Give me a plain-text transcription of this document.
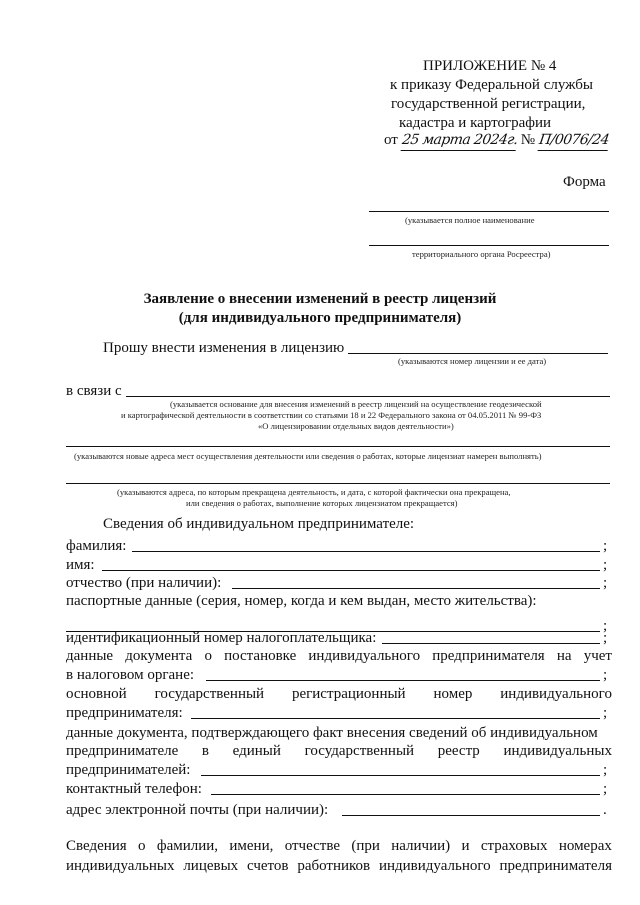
ПРИЛОЖЕНИЕ № 4
к приказу Федеральной службы
государственной регистрации,
кадастра и картографии
от 25 марта 2024г. № П/0076/24
Форма
(указывается полное наименование
территориального органа Росреестра)
Заявление о внесении изменений в реестр лицензий
(для индивидуального предпринимателя)
Прошу внести изменения в лицензию
(указываются номер лицензии и ее дата)
в связи с
(указывается основание для внесения изменений в реестр лицензий на осуществление геодезической
и картографической деятельности в соответствии со статьями 18 и 22 Федерального закона от 04.05.2011 № 99-ФЗ
«О лицензировании отдельных видов деятельности»)
(указываются новые адреса мест осуществления деятельности или сведения о работах, которые лицензиат намерен выполнять)
(указываются адреса, по которым прекращена деятельность, и дата, с которой фактически она прекращена,
или сведения о работах, выполнение которых лицензиатом прекращается)
Сведения об индивидуальном предпринимателе:
фамилия:	;
имя:	;
отчество (при наличии):	;
паспортные данные (серия, номер, когда и кем выдан, место жительства):
;
идентификационный номер налогоплательщика:	;
данные документа о постановке индивидуального предпринимателя на учет
в налоговом органе:	;
основной государственный регистрационный номер индивидуального
предпринимателя:	;
данные документа, подтверждающего факт внесения сведений об индивидуальном
предпринимателе в единый государственный реестр индивидуальных
предпринимателей:	;
контактный телефон:	;
адрес электронной почты (при наличии):	.
Сведения о фамилии, имени, отчестве (при наличии) и страховых номерах
индивидуальных лицевых счетов работников индивидуального предпринимателя
